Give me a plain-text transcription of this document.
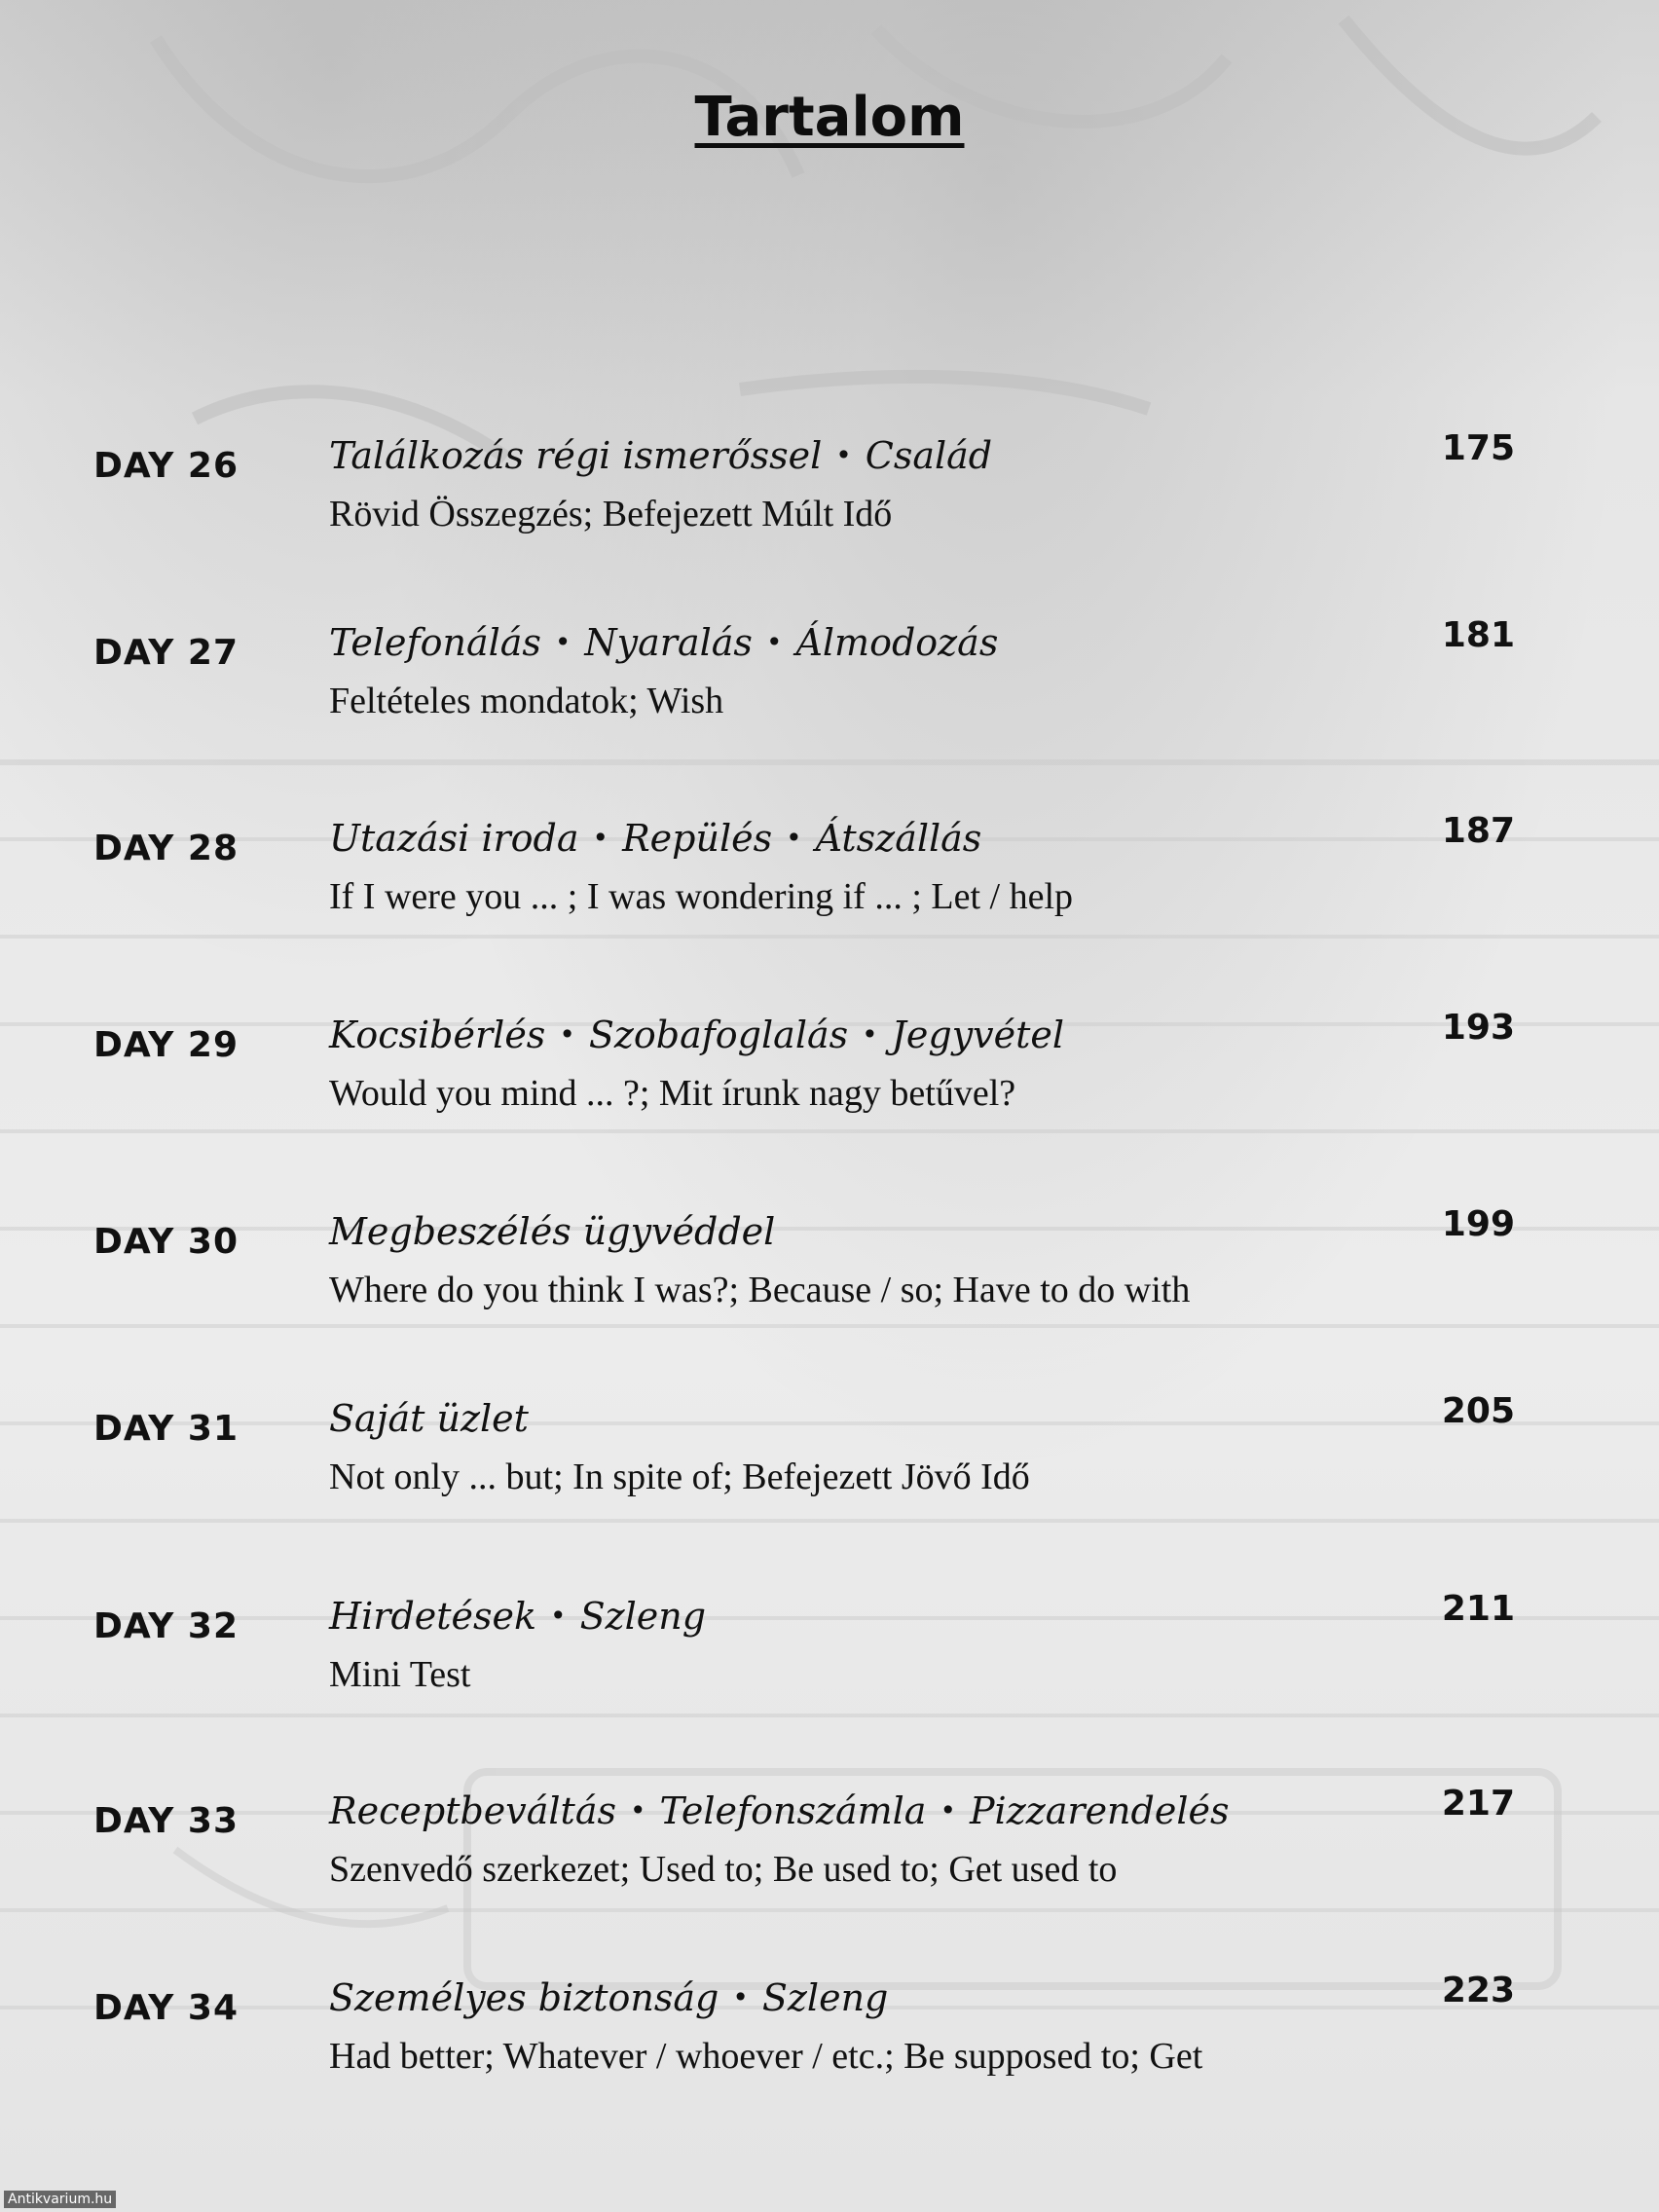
Tartalom
DAY 26 Találkozás régi ismerőssel • Család
Rövid Összegzés; Befejezett Múlt Idő
175
DAY 27 Telefonálás • Nyaralás • Álmodozás
Feltételes mondatok; Wish
181
DAY 28 Utazási iroda • Repülés • Átszállás
If I were you ... ; I was wondering if ... ; Let / help
187
DAY 29 Kocsibérlés • Szobafoglalás • Jegyvétel
Would you mind ... ?; Mit írunk nagy betűvel?
193
DAY 30 Megbeszélés ügyvéddel
Where do you think I was?; Because / so; Have to do with
199
DAY 31 Saját üzlet
Not only ... but; In spite of; Befejezett Jövő Idő
205
DAY 32 Hirdetések • Szleng
Mini Test
211
DAY 33 Receptbeváltás • Telefonszámla • Pizzarendelés
Szenvedő szerkezet; Used to; Be used to; Get used to
217
DAY 34 Személyes biztonság • Szleng
Had better; Whatever / whoever / etc.; Be supposed to; Get
223
Antikvarium.hu
